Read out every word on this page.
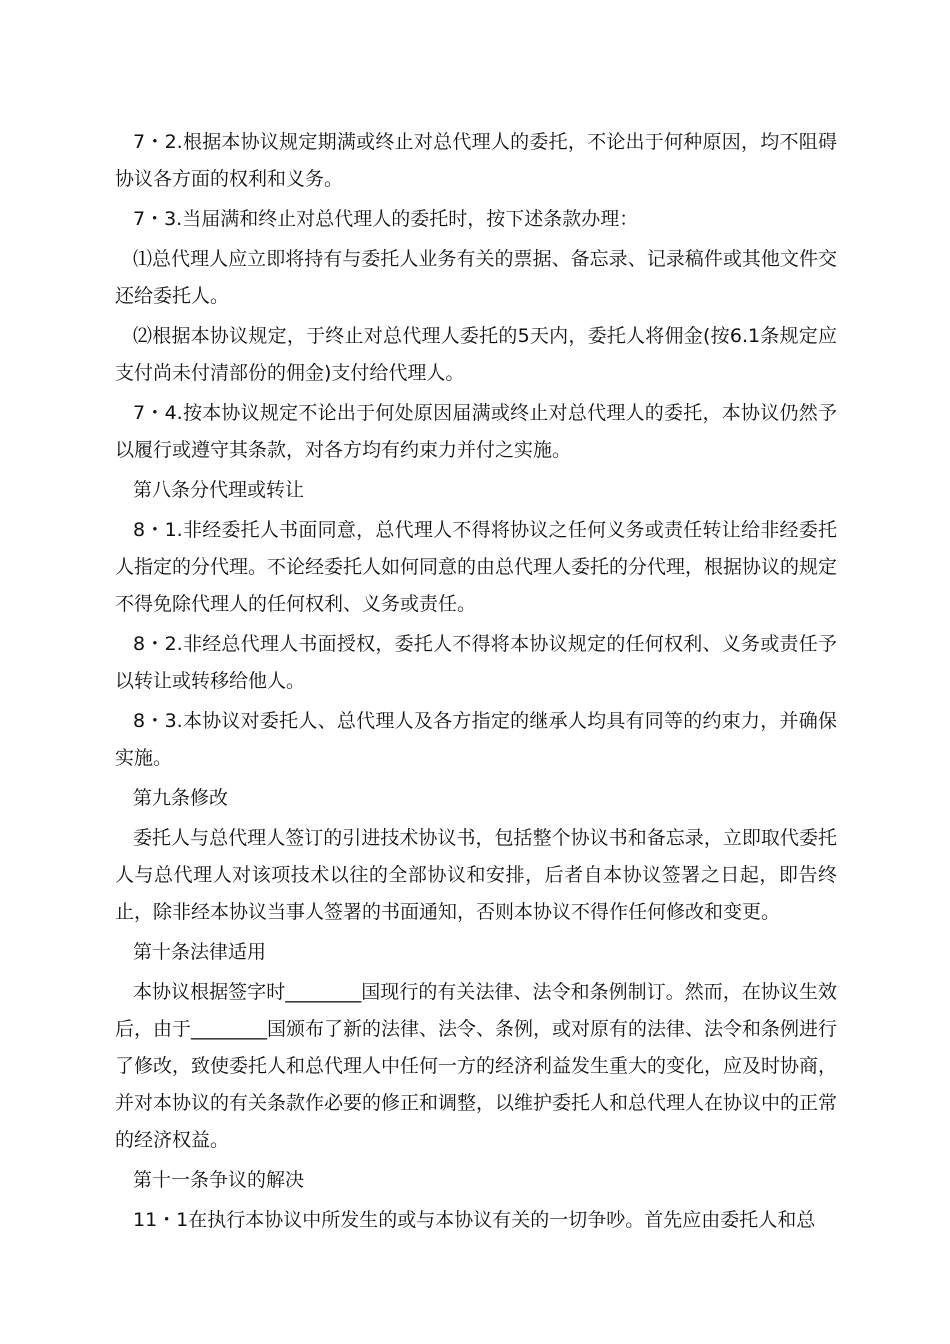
7・2.根据本协议规定期满或终止对总代理人的委托，不论出于何种原因，均不阻碍协议各方面的权利和义务。

7・3.当届满和终止对总代理人的委托时，按下述条款办理：

⑴总代理人应立即将持有与委托人业务有关的票据、备忘录、记录稿件或其他文件交还给委托人。

⑵根据本协议规定，于终止对总代理人委托的5天内，委托人将佣金(按6.1条规定应支付尚未付清部份的佣金)支付给代理人。

7・4.按本协议规定不论出于何处原因届满或终止对总代理人的委托，本协议仍然予以履行或遵守其条款，对各方均有约束力并付之实施。

第八条分代理或转让

8・1.非经委托人书面同意，总代理人不得将协议之任何义务或责任转让给非经委托人指定的分代理。不论经委托人如何同意的由总代理人委托的分代理，根据协议的规定不得免除代理人的任何权利、义务或责任。

8・2.非经总代理人书面授权，委托人不得将本协议规定的任何权利、义务或责任予以转让或转移给他人。

8・3.本协议对委托人、总代理人及各方指定的继承人均具有同等的约束力，并确保实施。

第九条修改

委托人与总代理人签订的引进技术协议书，包括整个协议书和备忘录，立即取代委托人与总代理人对该项技术以往的全部协议和安排，后者自本协议签署之日起，即告终止，除非经本协议当事人签署的书面通知，否则本协议不得作任何修改和变更。

第十条法律适用

本协议根据签字时________国现行的有关法律、法令和条例制订。然而，在协议生效后，由于________国颁布了新的法律、法令、条例，或对原有的法律、法令和条例进行了修改，致使委托人和总代理人中任何一方的经济利益发生重大的变化，应及时协商，并对本协议的有关条款作必要的修正和调整，以维护委托人和总代理人在协议中的正常的经济权益。

第十一条争议的解决

11・1在执行本协议中所发生的或与本协议有关的一切争吵。首先应由委托人和总
